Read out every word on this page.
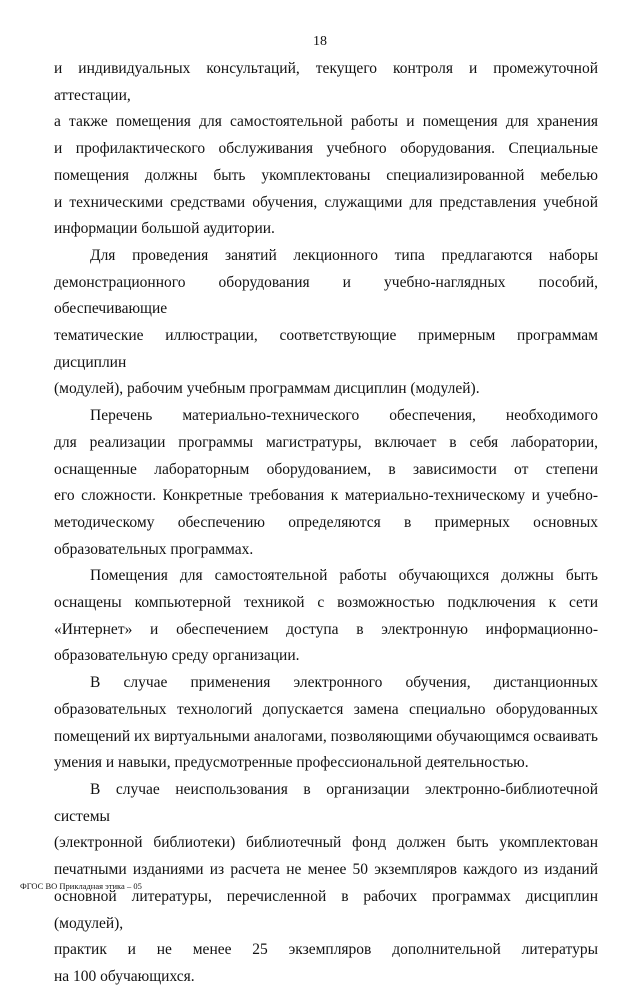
18

и индивидуальных консультаций, текущего контроля и промежуточной аттестации,

а также помещения для самостоятельной работы и помещения для хранения

и профилактического обслуживания учебного оборудования. Специальные

помещения должны быть укомплектованы специализированной мебелью

и техническими средствами обучения, служащими для представления учебной

информации большой аудитории.

Для проведения занятий лекционного типа предлагаются наборы

демонстрационного оборудования и учебно-наглядных пособий, обеспечивающие

тематические иллюстрации, соответствующие примерным программам дисциплин

(модулей), рабочим учебным программам дисциплин (модулей).

Перечень материально-технического обеспечения, необходимого

для реализации программы магистратуры, включает в себя лаборатории,

оснащенные лабораторным оборудованием, в зависимости от степени

его сложности. Конкретные требования к материально-техническому и учебно-

методическому обеспечению определяются в примерных основных

образовательных программах.

Помещения для самостоятельной работы обучающихся должны быть

оснащены компьютерной техникой с возможностью подключения к сети

«Интернет» и обеспечением доступа в электронную информационно-

образовательную среду организации.

В случае применения электронного обучения, дистанционных

образовательных технологий допускается замена специально оборудованных

помещений их виртуальными аналогами, позволяющими обучающимся осваивать

умения и навыки, предусмотренные профессиональной деятельностью.

В случае неиспользования в организации электронно-библиотечной системы

(электронной библиотеки) библиотечный фонд должен быть укомплектован

печатными изданиями из расчета не менее 50 экземпляров каждого из изданий

основной литературы, перечисленной в рабочих программах дисциплин (модулей),

практик и не менее 25 экземпляров дополнительной литературы

на 100 обучающихся.

ФГОС ВО Прикладная этика – 05
